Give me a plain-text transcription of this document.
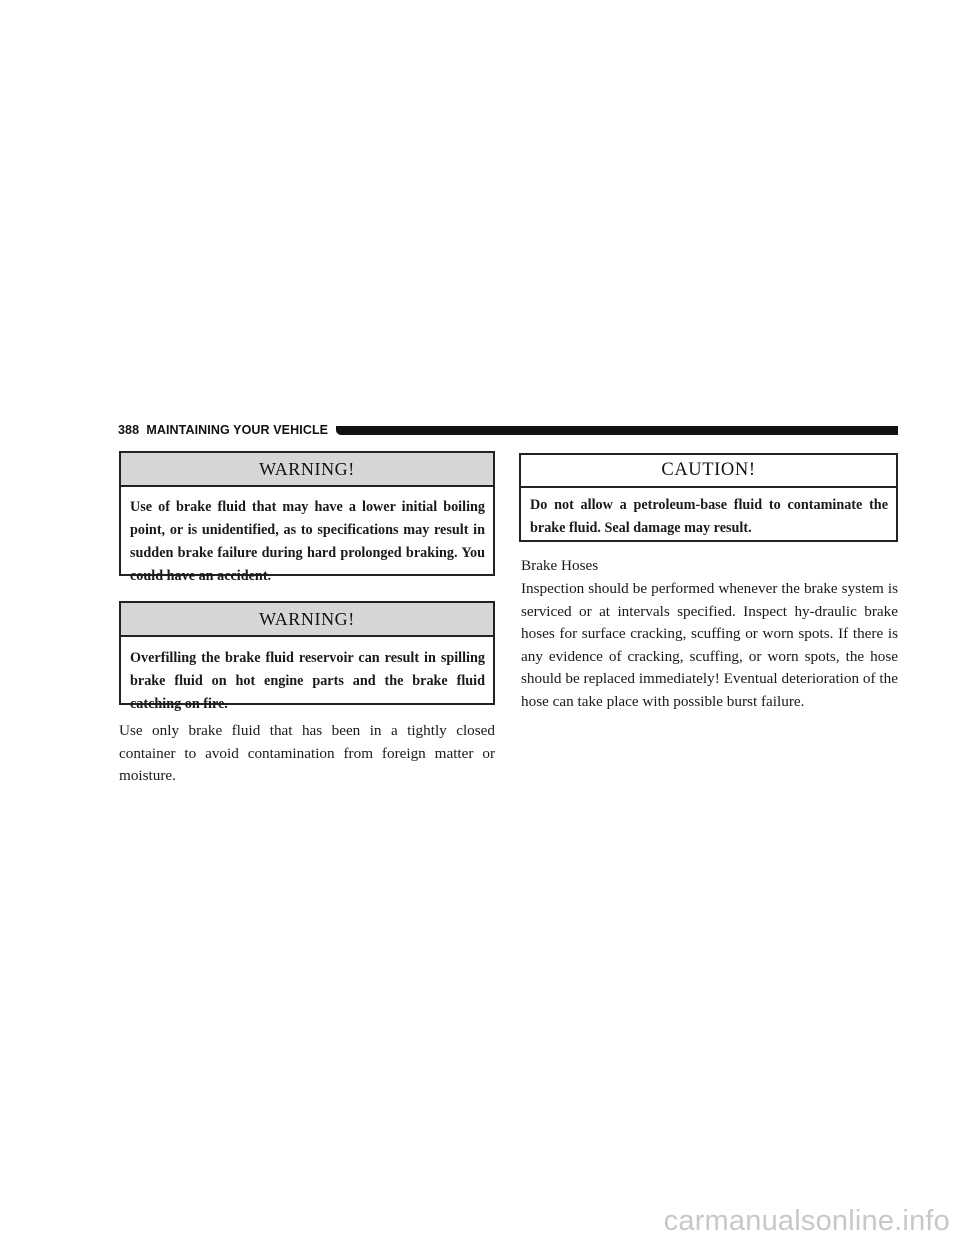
388 MAINTAINING YOUR VEHICLE
WARNING!
Use of brake fluid that may have a lower initial boiling point, or is unidentified, as to specifications may result in sudden brake failure during hard prolonged braking. You could have an accident.
WARNING!
Overfilling the brake fluid reservoir can result in spilling brake fluid on hot engine parts and the brake fluid catching on fire.

Use only brake fluid that has been in a tightly closed container to avoid contamination from foreign matter or moisture.

CAUTION!
Do not allow a petroleum-base fluid to contaminate the brake fluid. Seal damage may result.

Brake Hoses

Inspection should be performed whenever the brake system is serviced or at intervals specified. Inspect hy-draulic brake hoses for surface cracking, scuffing or worn spots. If there is any evidence of cracking, scuffing, or worn spots, the hose should be replaced immediately! Eventual deterioration of the hose can take place with possible burst failure.

carmanualsonline.info
